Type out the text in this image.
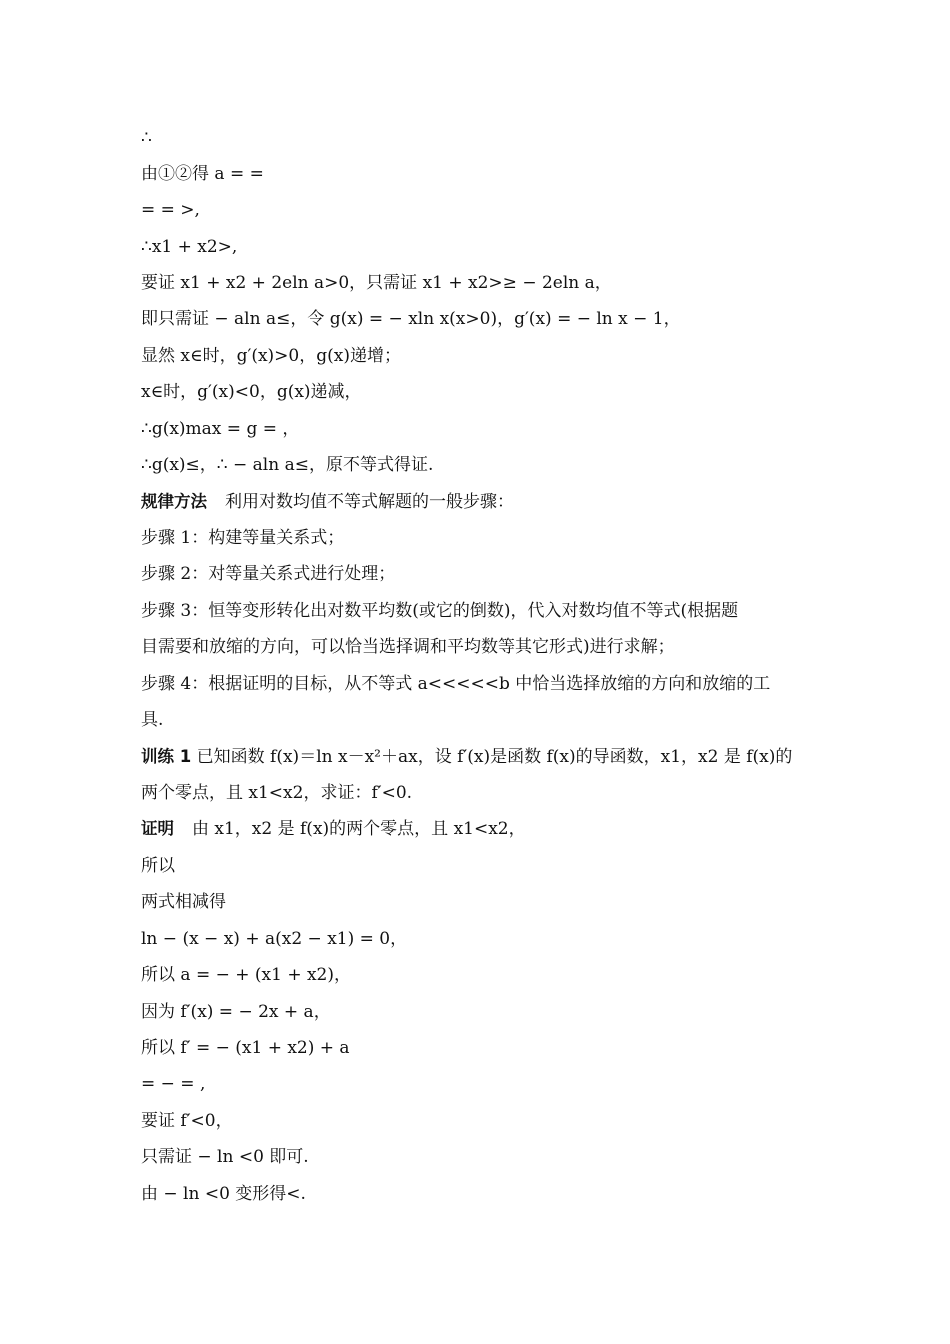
∴
由①②得 a = =
= = >,
∴x1 + x2>,
要证 x1 + x2 + 2eln a>0，只需证 x1 + x2>≥ − 2eln a，
即只需证 − aln a≤，令 g(x) = − xln x(x>0)，g′(x) = − ln x − 1，
显然 x∈时，g′(x)>0，g(x)递增；
x∈时，g′(x)<0，g(x)递减，
∴g(x)max = g = ，
∴g(x)≤，∴ − aln a≤，原不等式得证.
规律方法 利用对数均值不等式解题的一般步骤：
步骤 1：构建等量关系式；
步骤 2：对等量关系式进行处理；
步骤 3：恒等变形转化出对数平均数(或它的倒数)，代入对数均值不等式(根据题
目需要和放缩的方向，可以恰当选择调和平均数等其它形式)进行求解；
步骤 4：根据证明的目标，从不等式 a<<<<<b 中恰当选择放缩的方向和放缩的工
具.
训练 1 已知函数 f(x)＝ln x－x²＋ax，设 f′(x)是函数 f(x)的导函数，x1，x2 是 f(x)的
两个零点，且 x1<x2，求证：f′<0.
证明 由 x1，x2 是 f(x)的两个零点，且 x1<x2，
所以
两式相减得
ln − (x − x) + a(x2 − x1) = 0，
所以 a = − + (x1 + x2)，
因为 f′(x) = − 2x + a，
所以 f′ = − (x1 + x2) + a
= − = ,
要证 f′<0，
只需证 − ln <0 即可.
由 − ln <0 变形得<.
